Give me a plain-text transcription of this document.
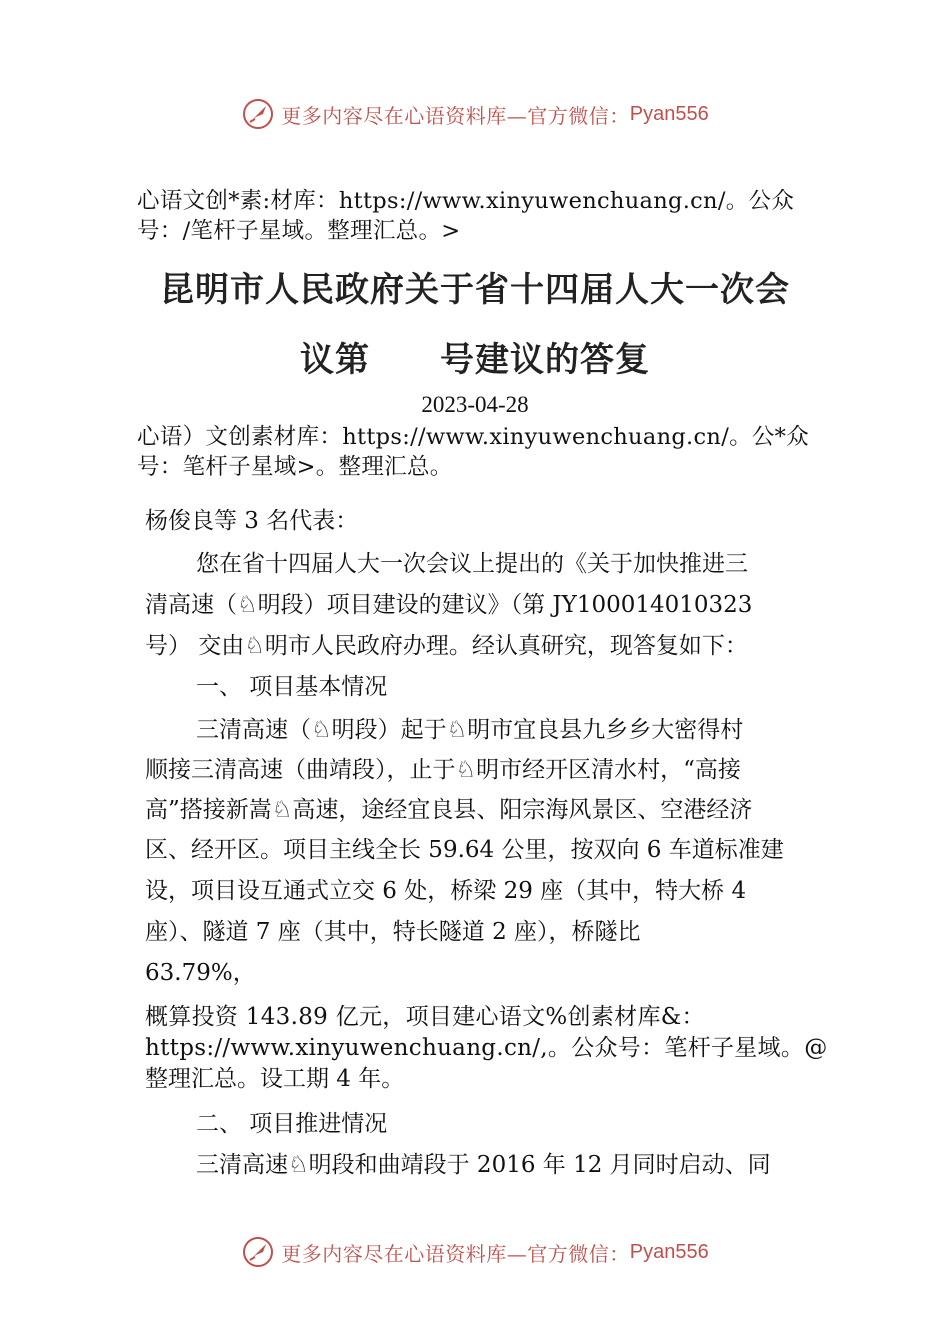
更多内容尽在心语资料库—官方微信： Pyan556
心语文创*素:材库：https://www.xinyuwenchuang.cn/。公众
号：/笔杆子星域。整理汇总。>
昆明市人民政府关于省十四届人大一次会
议第　　号建议的答复
2023-04-28
心语）文创素材库：https://www.xinyuwenchuang.cn/。公*众
号：笔杆子星域>。整理汇总。
杨俊良等 3 名代表：
您在省十四届人大一次会议上提出的《关于加快推进三
清高速（♘明段）项目建设的建议》（第 JY100014010323
号） 交由♘明市人民政府办理。经认真研究，现答复如下：
一、 项目基本情况
三清高速（♘明段）起于♘明市宜良县九乡乡大密得村
顺接三清高速（曲靖段），止于♘明市经开区清水村，“高接
高”搭接新嵩♘高速，途经宜良县、阳宗海风景区、空港经济
区、经开区。项目主线全长 59.64 公里，按双向 6 车道标准建
设，项目设互通式立交 6 处，桥梁 29 座（其中，特大桥 4
座）、隧道 7 座（其中，特长隧道 2 座），桥隧比
63.79%，
概算投资 143.89 亿元，项目建心语文%创素材库&：
https://www.xinyuwenchuang.cn/,。公众号：笔杆子星域。@
整理汇总。设工期 4 年。
二、 项目推进情况
三清高速♘明段和曲靖段于 2016 年 12 月同时启动、同
更多内容尽在心语资料库—官方微信： Pyan556
